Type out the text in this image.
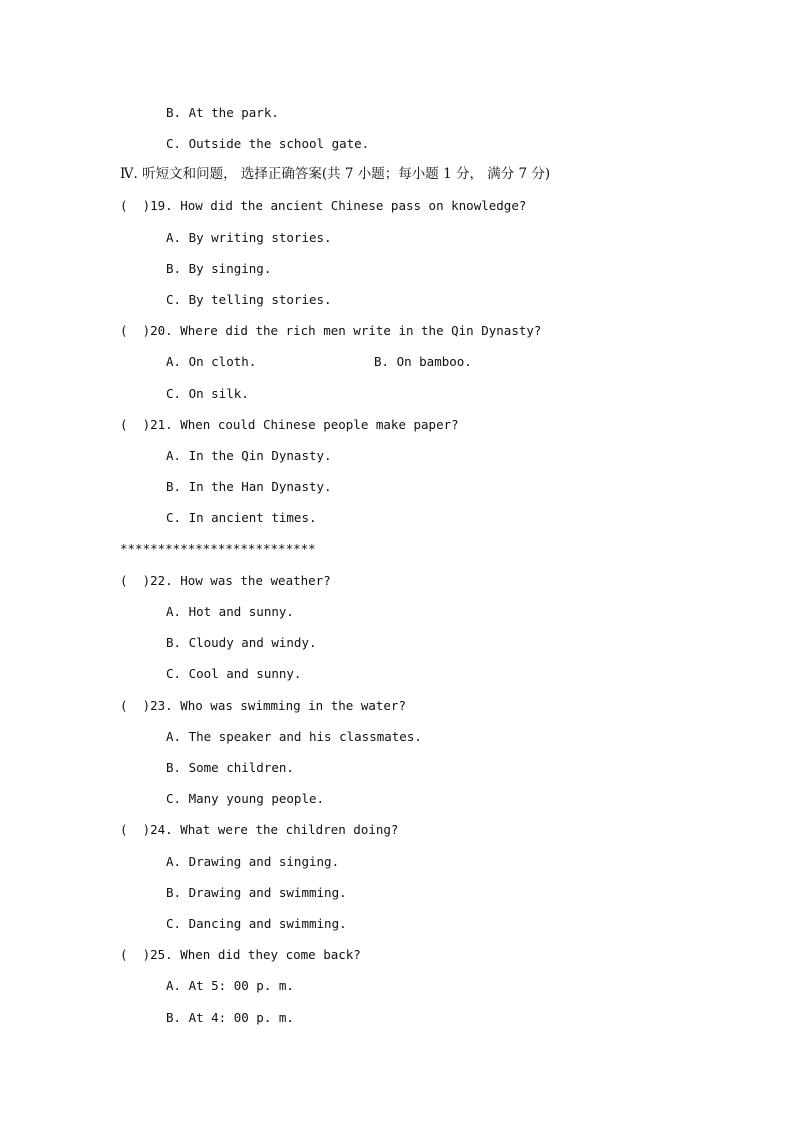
B. At the park.
C. Outside the school gate.
Ⅳ. 听短文和问题， 选择正确答案(共 7 小题；每小题 1 分， 满分 7 分)
(  )19. How did the ancient Chinese pass on knowledge?
A. By writing stories.
B. By singing.
C. By telling stories.
(  )20. Where did the rich men write in the Qin Dynasty?
A. On cloth.	B. On bamboo.
C. On silk.
(  )21. When could Chinese people make paper?
A. In the Qin Dynasty.
B. In the Han Dynasty.
C. In ancient times.
**************************
(  )22. How was the weather?
A. Hot and sunny.
B. Cloudy and windy.
C. Cool and sunny.
(  )23. Who was swimming in the water?
A. The speaker and his classmates.
B. Some children.
C. Many young people.
(  )24. What were the children doing?
A. Drawing and singing.
B. Drawing and swimming.
C. Dancing and swimming.
(  )25. When did they come back?
A. At 5: 00 p. m.
B. At 4: 00 p. m.
